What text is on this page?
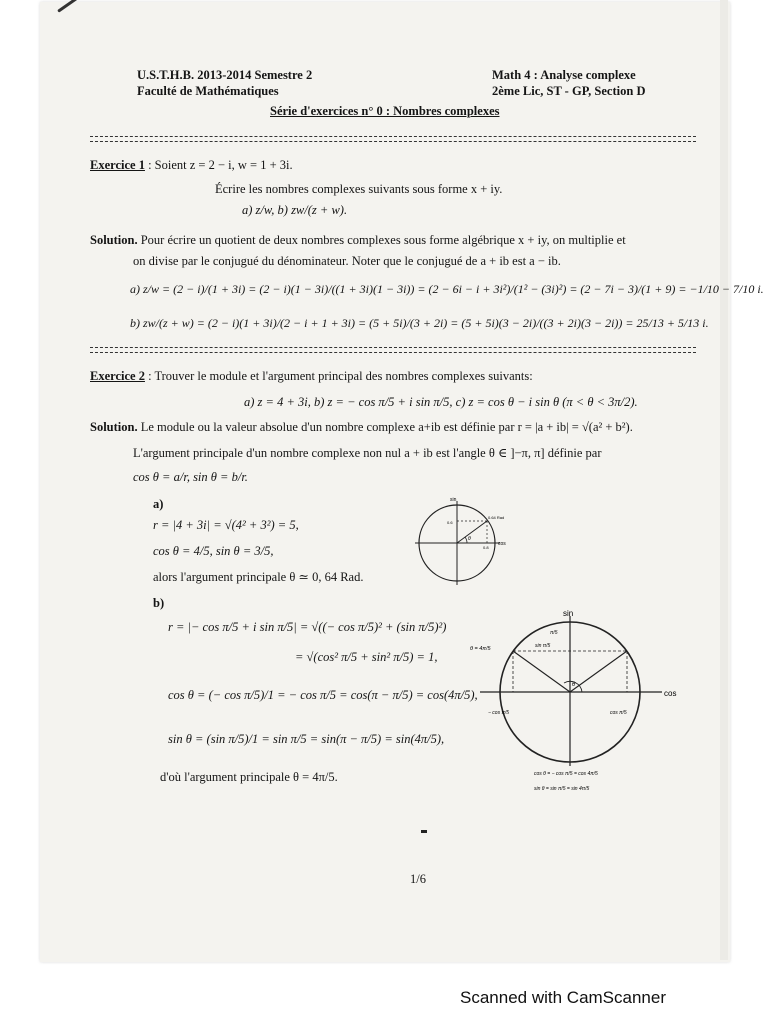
U.S.T.H.B. 2013-2014 Semestre 2
Faculté de Mathématiques
Math 4 : Analyse complexe
2ème Lic, ST - GP, Section D
Série d'exercices n° 0 : Nombres complexes
Exercice 1 : Soient z = 2 − i, w = 1 + 3i.
Écrire les nombres complexes suivants sous forme x + iy.
a) z/w, b) zw/(z + w).
Solution. Pour écrire un quotient de deux nombres complexes sous forme algébrique x + iy, on multiplie et
on divise par le conjugué du dénominateur. Noter que le conjugué de a + ib est a − ib.
a) z/w = (2 − i)/(1 + 3i) = (2 − i)(1 − 3i)/((1 + 3i)(1 − 3i)) = (2 − 6i − i + 3i²)/(1² − (3i)²) = (2 − 7i − 3)/(1 + 9) = −1/10 − 7/10 i.
b) zw/(z + w) = (2 − i)(1 + 3i)/(2 − i + 1 + 3i) = (5 + 5i)/(3 + 2i) = (5 + 5i)(3 − 2i)/((3 + 2i)(3 − 2i)) = 25/13 + 5/13 i.
Exercice 2 : Trouver le module et l'argument principal des nombres complexes suivants:
a) z = 4 + 3i, b) z = − cos π/5 + i sin π/5, c) z = cos θ − i sin θ (π < θ < 3π/2).
Solution. Le module ou la valeur absolue d'un nombre complexe a+ib est définie par r = |a + ib| = √(a² + b²).
L'argument principale d'un nombre complexe non nul a + ib est l'angle θ ∈ ]−π, π] définie par
cos θ = a/r, sin θ = b/r.
a)
r = |4 + 3i| = √(4² + 3²) = 5,
cos θ = 4/5, sin θ = 3/5,
alors l'argument principale θ ≃ 0, 64 Rad.
sin
cos
0.64 Rad
0.6
0.8
θ
b)
r = |− cos π/5 + i sin π/5| = √((− cos π/5)² + (sin π/5)²)
= √(cos² π/5 + sin² π/5) = 1,
cos θ = (− cos π/5)/1 = − cos π/5 = cos(π − π/5) = cos(4π/5),
sin θ = (sin π/5)/1 = sin π/5 = sin(π − π/5) = sin(4π/5),
d'où l'argument principale θ = 4π/5.
sin
cos
θ = 4π/5
π/5
sin π/5
− cos π/5	cos π/5
θ
cos θ = − cos π/5 = cos 4π/5
sin θ = sin π/5 = sin 4π/5
1/6
Scanned with CamScanner
